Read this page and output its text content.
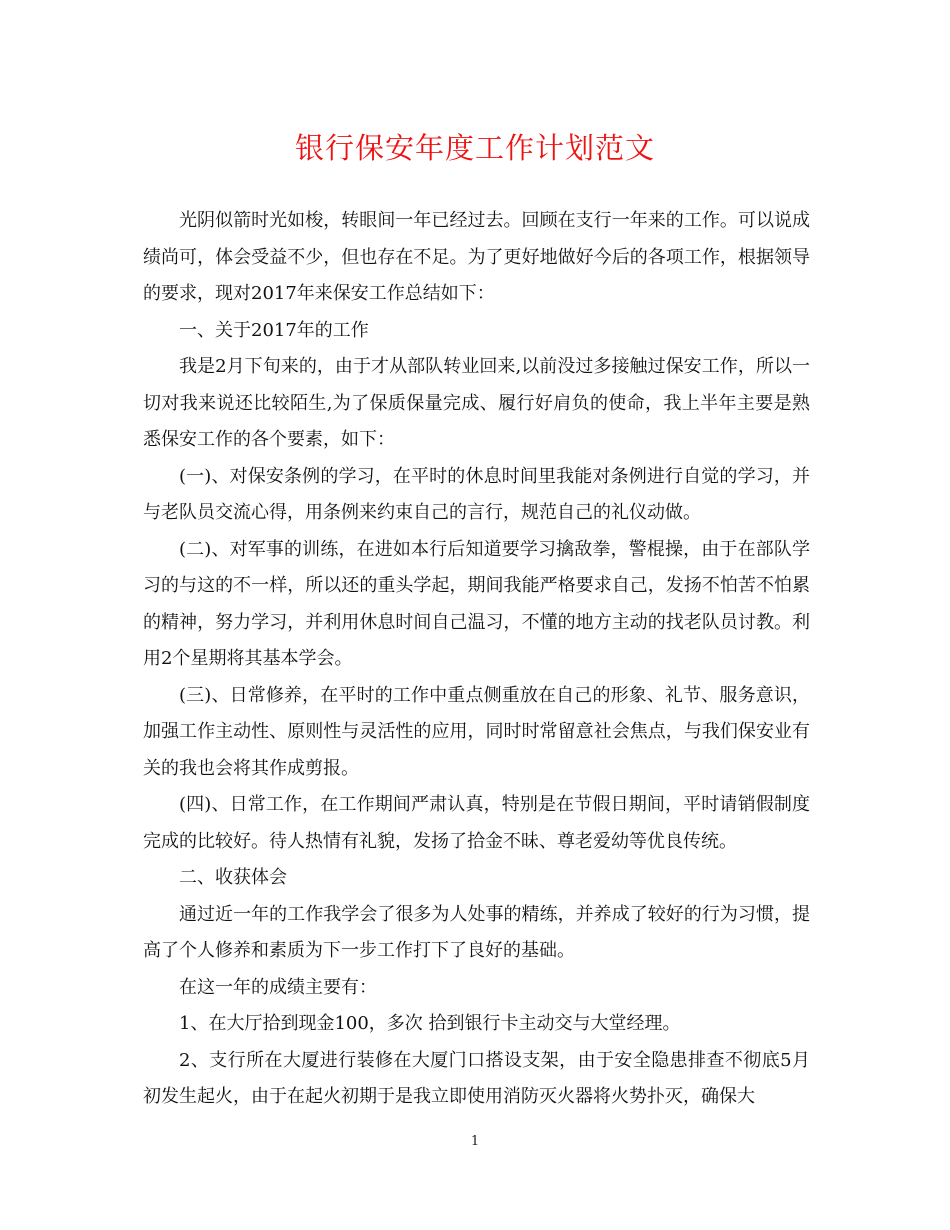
银行保安年度工作计划范文

光阴似箭时光如梭，转眼间一年已经过去。回顾在支行一年来的工作。可以说成绩尚可，体会受益不少，但也存在不足。为了更好地做好今后的各项工作，根据领导的要求，现对2017年来保安工作总结如下：

一、关于2017年的工作

我是2月下旬来的，由于才从部队转业回来,以前没过多接触过保安工作，所以一切对我来说还比较陌生,为了保质保量完成、履行好肩负的使命，我上半年主要是熟悉保安工作的各个要素，如下：

(一)、对保安条例的学习，在平时的休息时间里我能对条例进行自觉的学习，并与老队员交流心得，用条例来约束自己的言行，规范自己的礼仪动做。

(二)、对军事的训练，在进如本行后知道要学习擒敌拳，警棍操，由于在部队学习的与这的不一样，所以还的重头学起，期间我能严格要求自己，发扬不怕苦不怕累的精神，努力学习，并利用休息时间自己温习，不懂的地方主动的找老队员讨教。利用2个星期将其基本学会。

(三)、日常修养，在平时的工作中重点侧重放在自己的形象、礼节、服务意识，加强工作主动性、原则性与灵活性的应用，同时时常留意社会焦点，与我们保安业有关的我也会将其作成剪报。

(四)、日常工作，在工作期间严肃认真，特别是在节假日期间，平时请销假制度完成的比较好。待人热情有礼貌，发扬了拾金不昧、尊老爱幼等优良传统。

二、收获体会

通过近一年的工作我学会了很多为人处事的精练，并养成了较好的行为习惯，提高了个人修养和素质为下一步工作打下了良好的基础。

在这一年的成绩主要有：

1、在大厅拾到现金100，多次 拾到银行卡主动交与大堂经理。

2、支行所在大厦进行装修在大厦门口搭设支架，由于安全隐患排查不彻底5月初发生起火，由于在起火初期于是我立即使用消防灭火器将火势扑灭，确保大

1
